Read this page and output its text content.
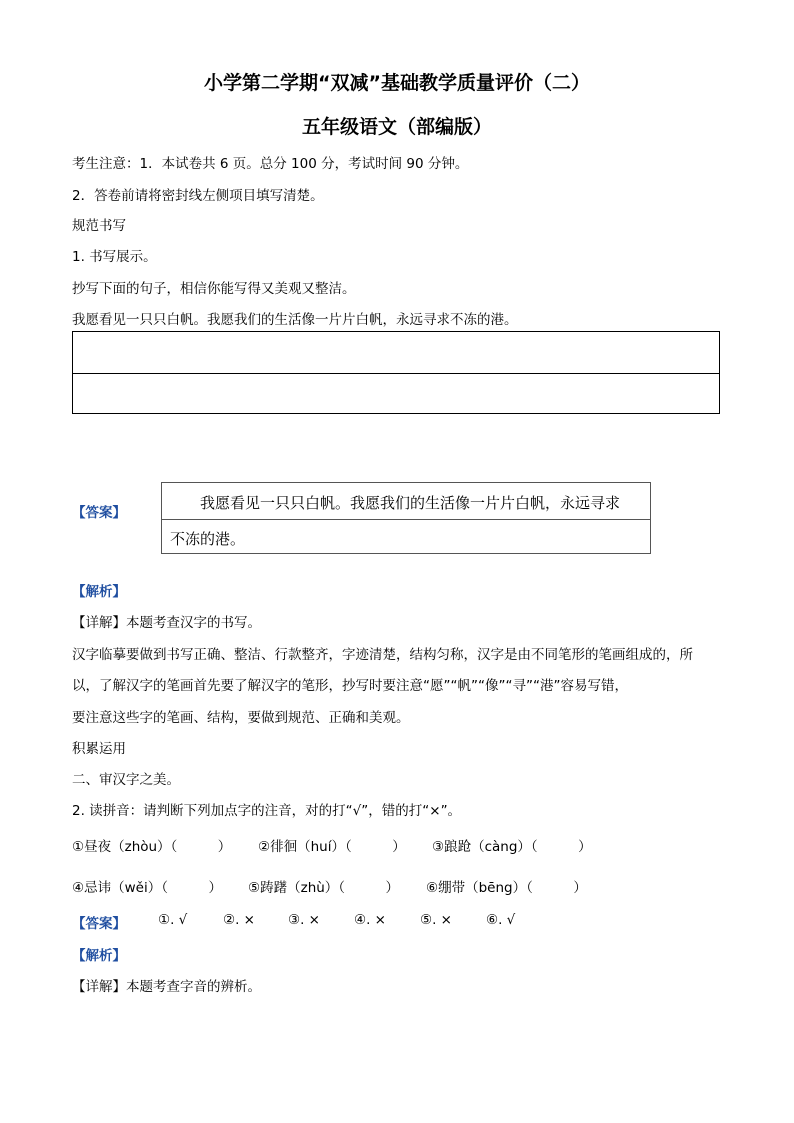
小学第二学期“双减”基础教学质量评价（二）
五年级语文（部编版）
考生注意：1．本试卷共 6 页。总分 100 分，考试时间 90 分钟。
2．答卷前请将密封线左侧项目填写清楚。
规范书写
1. 书写展示。
抄写下面的句子，相信你能写得又美观又整洁。
我愿看见一只只白帆。我愿我们的生活像一片片白帆，永远寻求不冻的港。
【答案】
我愿看见一只只白帆。我愿我们的生活像一片片白帆，永远寻求
不冻的港。
【解析】
【详解】本题考查汉字的书写。
汉字临摹要做到书写正确、整洁、行款整齐，字迹清楚，结构匀称，汉字是由不同笔形的笔画组成的，所
以，了解汉字的笔画首先要了解汉字的笔形，抄写时要注意“愿”“帆”“像”“寻”“港”容易写错，
要注意这些字的笔画、结构，要做到规范、正确和美观。
积累运用
二、审汉字之美。
2. 读拼音：请判断下列加点字的注音，对的打“√”，错的打“×”。
①昼夜（zhòu）（　　　） ②徘徊（huí）（　　　） ③踉跄（càng）（　　　）
④忌讳（wěi）（　　　） ⑤踌躇（zhù）（　　　） ⑥绷带（bēng）（　　　）
【答案】 ①. √	②. × ③. ×	④. ×	⑤. ×	⑥. √
【解析】
【详解】本题考查字音的辨析。
